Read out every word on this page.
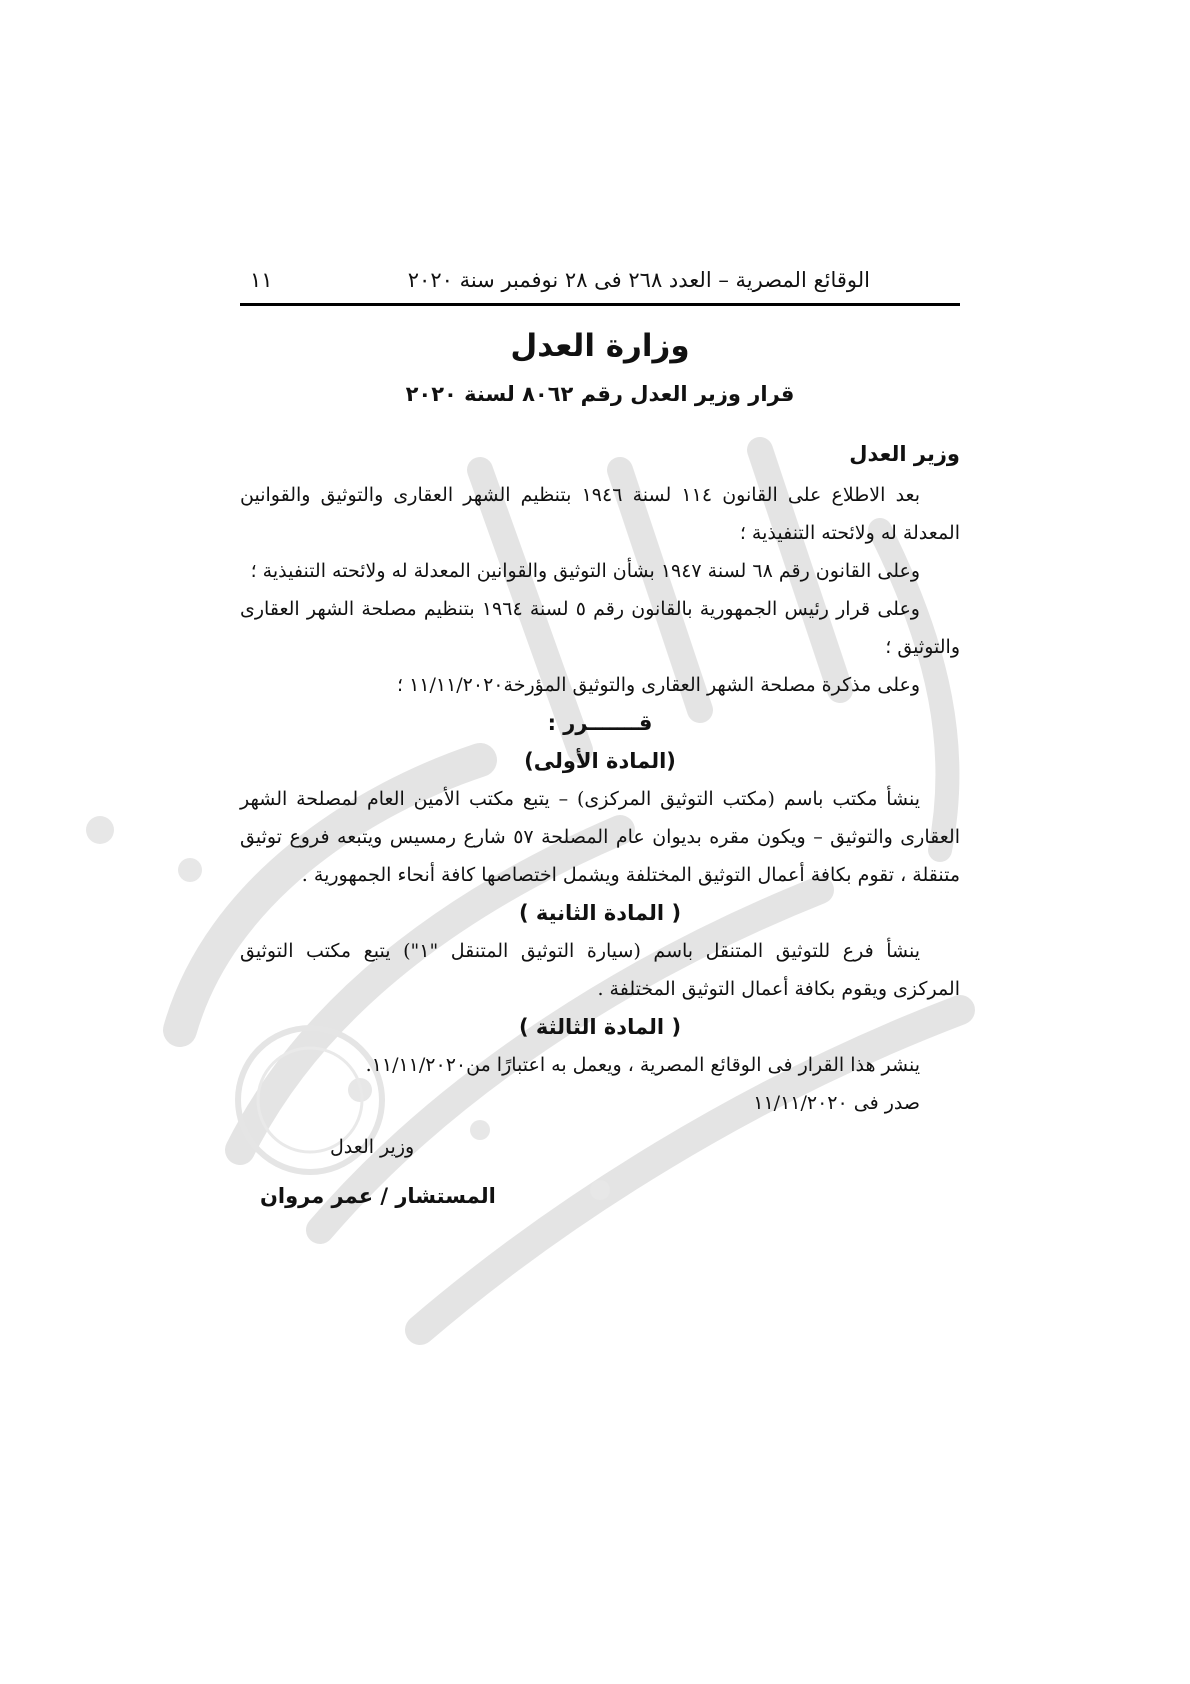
الوقائع المصرية – العدد ٢٦٨ فى ٢٨ نوفمبر سنة ٢٠٢٠
١١
وزارة العدل
قرار وزير العدل رقم ٨٠٦٢ لسنة ٢٠٢٠
وزير العدل

بعد الاطلاع على القانون ١١٤ لسنة ١٩٤٦ بتنظيم الشهر العقارى والتوثيق والقوانين المعدلة له ولائحته التنفيذية ؛

وعلى القانون رقم ٦٨ لسنة ١٩٤٧ بشأن التوثيق والقوانين المعدلة له ولائحته التنفيذية ؛

وعلى قرار رئيس الجمهورية بالقانون رقم ٥ لسنة ١٩٦٤ بتنظيم مصلحة الشهر العقارى والتوثيق ؛

وعلى مذكرة مصلحة الشهر العقارى والتوثيق المؤرخة١١/١١/٢٠٢٠ ؛

قـــــــرر :

(المادة الأولى)

ينشأ مكتب باسم (مكتب التوثيق المركزى) – يتبع مكتب الأمين العام لمصلحة الشهر العقارى والتوثيق – ويكون مقره بديوان عام المصلحة ٥٧ شارع رمسيس ويتبعه فروع توثيق متنقلة ، تقوم بكافة أعمال التوثيق المختلفة ويشمل اختصاصها كافة أنحاء الجمهورية .

( المادة الثانية )

ينشأ فرع للتوثيق المتنقل باسم (سيارة التوثيق المتنقل "١") يتبع مكتب التوثيق المركزى ويقوم بكافة أعمال التوثيق المختلفة .

( المادة الثالثة )

ينشر هذا القرار فى الوقائع المصرية ، ويعمل به اعتبارًا من١١/١١/٢٠٢٠.

صدر فى ١١/١١/٢٠٢٠

وزير العدل
المستشار / عمر مروان
